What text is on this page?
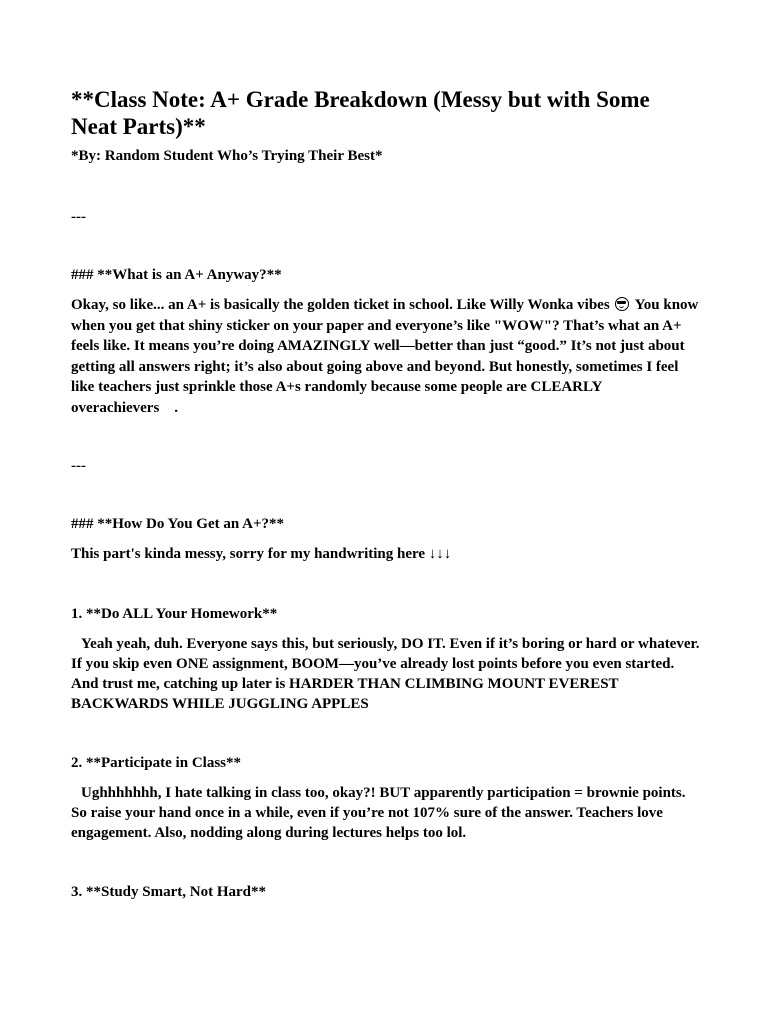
**Class Note: A+ Grade Breakdown (Messy but with Some Neat Parts)**

*By: Random Student Who’s Trying Their Best*

---

### **What is an A+ Anyway?**

Okay, so like... an A+ is basically the golden ticket in school. Like Willy Wonka vibes You know when you get that shiny sticker on your paper and everyone’s like "WOW"? That’s what an A+ feels like. It means you’re doing AMAZINGLY well—better than just “good.” It’s not just about getting all answers right; it’s also about going above and beyond. But honestly, sometimes I feel like teachers just sprinkle those A+s randomly because some people are CLEARLY overachievers .

---

### **How Do You Get an A+?**

This part's kinda messy, sorry for my handwriting here ↓↓↓

1. **Do ALL Your Homework**

Yeah yeah, duh. Everyone says this, but seriously, DO IT. Even if it’s boring or hard or whatever. If you skip even ONE assignment, BOOM—you’ve already lost points before you even started. And trust me, catching up later is HARDER THAN CLIMBING MOUNT EVEREST BACKWARDS WHILE JUGGLING APPLES

2. **Participate in Class**

Ughhhhhhh, I hate talking in class too, okay?! BUT apparently participation = brownie points. So raise your hand once in a while, even if you’re not 107% sure of the answer. Teachers love engagement. Also, nodding along during lectures helps too lol.

3. **Study Smart, Not Hard**
